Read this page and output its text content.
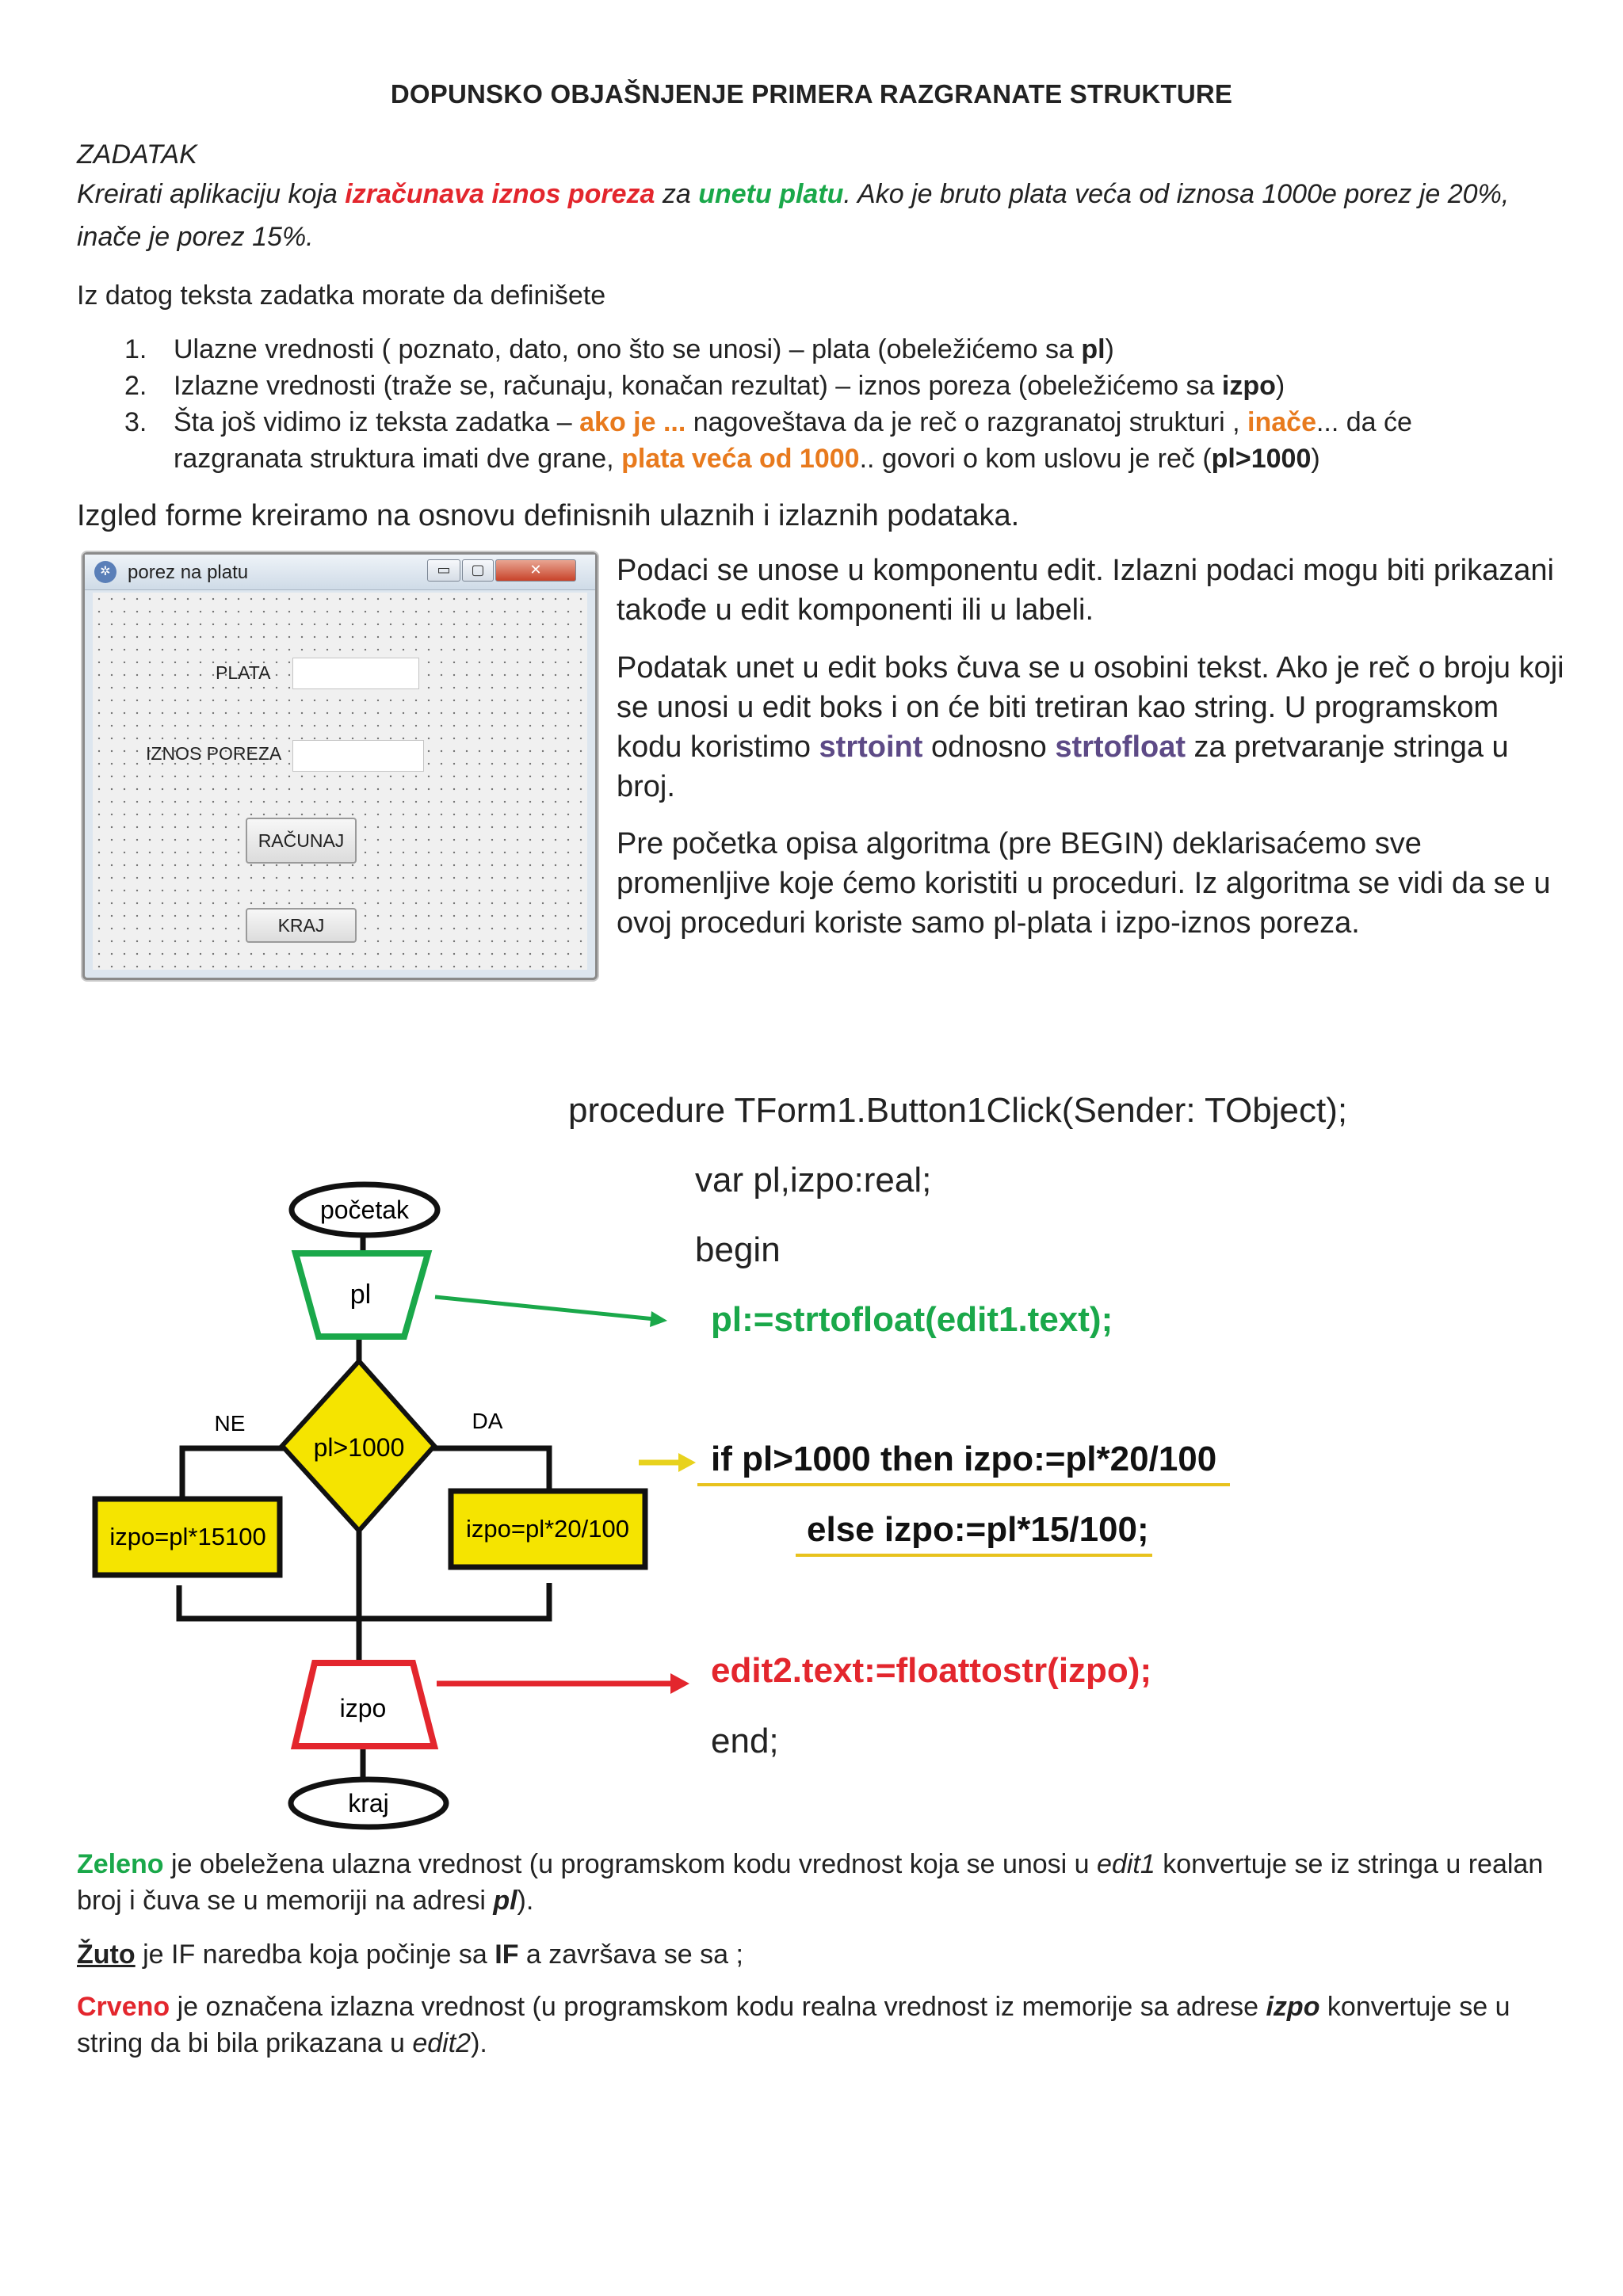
DOPUNSKO OBJAŠNJENJE PRIMERA RAZGRANATE STRUKTURE
ZADATAK
Kreirati aplikaciju koja izračunava iznos poreza za unetu platu. Ako je bruto plata veća od iznosa 1000e porez je 20%,
inače je porez 15%.
Iz datog teksta zadatka morate da definišete
1. Ulazne vrednosti ( poznato, dato, ono što se unosi) – plata (obeležićemo sa pl)
2. Izlazne vrednosti (traže se, računaju, konačan rezultat) – iznos poreza (obeležićemo sa izpo)
3. Šta još vidimo iz teksta zadatka – ako je ... nagoveštava da je reč o razgranatoj strukturi , inače... da će
razgranata struktura imati dve grane, plata veća od 1000.. govori o kom uslovu je reč (pl>1000)
Izgled forme kreiramo na osnovu definisnih ulaznih i izlaznih podataka.
✲ porez na platu	▭	▢	✕
PLATA
IZNOS POREZA
RAČUNAJ
KRAJ
Podaci se unose u komponentu edit. Izlazni podaci mogu biti prikazani takođe u edit komponenti ili u labeli.
Podatak unet u edit boks čuva se u osobini tekst. Ako je reč o broju koji se unosi u edit boks i on će biti tretiran kao string. U programskom kodu koristimo strtoint odnosno strtofloat za pretvaranje stringa u broj.
Pre početka opisa algoritma (pre BEGIN) deklarisaćemo sve promenljive koje ćemo koristiti u proceduri. Iz algoritma se vidi da se u ovoj proceduri koriste samo pl-plata i izpo-iznos poreza.
početak
pl
pl>1000
NE	DA
izpo=pl*15100	izpo=pl*20/100
izpo
kraj
procedure TForm1.Button1Click(Sender: TObject);
var pl,izpo:real;
begin
pl:=strtofloat(edit1.text);
if pl>1000 then izpo:=pl*20/100
else izpo:=pl*15/100;
edit2.text:=floattostr(izpo);
end;
Zeleno je obeležena ulazna vrednost (u programskom kodu vrednost koja se unosi u edit1 konvertuje se iz stringa u realan broj i čuva se u memoriji na adresi pl).
Žuto je IF naredba koja počinje sa IF a završava se sa ;
Crveno je označena izlazna vrednost (u programskom kodu realna vrednost iz memorije sa adrese izpo konvertuje se u string da bi bila prikazana u edit2).
